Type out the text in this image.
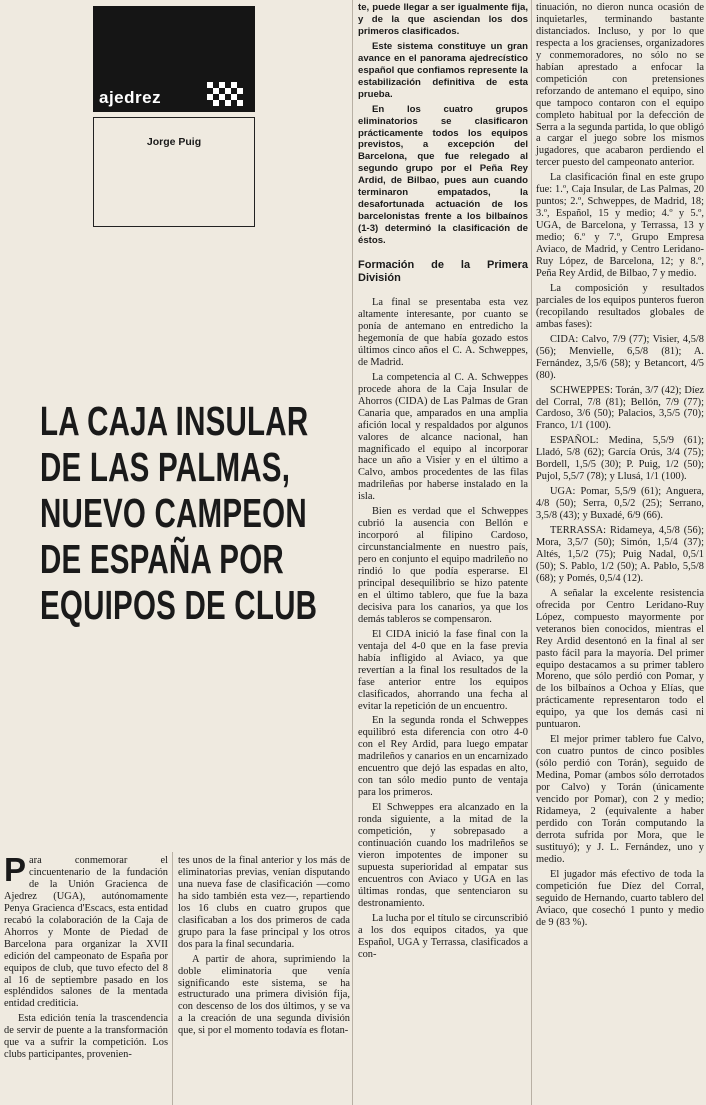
ajedrez
Jorge Puig
LA CAJA INSULAR
DE LAS PALMAS,
NUEVO CAMPEON
DE ESPAÑA POR
EQUIPOS DE CLUB

Para conmemorar el cincuentenario de la fundación de la Unión Gracienca de Ajedrez (UGA), autónomamente Penya Gracienca d'Escacs, esta entidad recabó la colaboración de la Caja de Ahorros y Monte de Piedad de Barcelona para organizar la XVII edición del campeonato de España por equipos de club, que tuvo efecto del 8 al 16 de septiembre pasado en los espléndidos salones de la mentada entidad crediticia.

Esta edición tenía la trascendencia de servir de puente a la transformación que va a sufrir la competición. Los clubs participantes, provenien-

tes unos de la final anterior y los más de eliminatorias previas, venían disputando una nueva fase de clasificación —como ha sido también esta vez—, repartiendo los 16 clubs en cuatro grupos que clasificaban a los dos primeros de cada grupo para la fase principal y los otros dos para la final secundaria.

A partir de ahora, suprimiendo la doble eliminatoria que venía significando este sistema, se ha estructurado una primera división fija, con descenso de los dos últimos, y se va a la creación de una segunda división que, si por el momento todavía es flotan-

te, puede llegar a ser igualmente fija, y de la que asciendan los dos primeros clasificados.

Este sistema constituye un gran avance en el panorama ajedrecístico español que confiamos represente la estabilización definitiva de esta prueba.

En los cuatro grupos eliminatorios se clasificaron prácticamente todos los equipos previstos, a excepción del Barcelona, que fue relegado al segundo grupo por el Peña Rey Ardid, de Bilbao, pues aun cuando terminaron empatados, la desafortunada actuación de los barcelonistas frente a los bilbaínos (1-3) determinó la clasificación de éstos.

Formación de la Primera División

La final se presentaba esta vez altamente interesante, por cuanto se ponía de antemano en entredicho la hegemonía de que había gozado estos últimos cinco años el C. A. Schweppes, de Madrid.

La competencia al C. A. Schweppes procede ahora de la Caja Insular de Ahorros (CIDA) de Las Palmas de Gran Canaria que, amparados en una amplia afición local y respaldados por algunos valores de alcance nacional, han magnificado el equipo al incorporar hace un año a Visier y en el último a Calvo, ambos procedentes de las filas madrileñas por haberse instalado en la isla.

Bien es verdad que el Schweppes cubrió la ausencia con Bellón e incorporó al filipino Cardoso, circunstancialmente en nuestro país, pero en conjunto el equipo madrileño no rindió lo que podía esperarse. El principal desequilibrio se hizo patente en el último tablero, que fue la baza decisiva para los canarios, ya que los demás tableros se compensaron.

El CIDA inició la fase final con la ventaja del 4-0 que en la fase previa había infligido al Aviaco, ya que revertían a la final los resultados de la fase anterior entre los equipos clasificados, ahorrando una fecha al evitar la repetición de un encuentro.

En la segunda ronda el Schweppes equilibró esta diferencia con otro 4-0 con el Rey Ardid, para luego empatar madrileños y canarios en un encarnizado encuentro que dejó las espadas en alto, con tan sólo medio punto de ventaja para los primeros.

El Schweppes era alcanzado en la ronda siguiente, a la mitad de la competición, y sobrepasado a continuación cuando los madrileños se vieron impotentes de imponer su supuesta superioridad al empatar sus encuentros con Aviaco y UGA en las últimas rondas, que sentenciaron su destronamiento.

La lucha por el título se circunscribió a los dos equipos citados, ya que Español, UGA y Terrassa, clasificados a con-

tinuación, no dieron nunca ocasión de inquietarles, terminando bastante distanciados. Incluso, y por lo que respecta a los gracienses, organizadores y conmemoradores, no sólo no se habían aprestado a enfocar la competición con pretensiones reforzando de antemano el equipo, sino que tampoco contaron con el equipo completo habitual por la defección de Serra a la segunda partida, lo que obligó a cargar el juego sobre los mismos jugadores, que acabaron perdiendo el tercer puesto del campeonato anterior.

La clasificación final en este grupo fue: 1.º, Caja Insular, de Las Palmas, 20 puntos; 2.º, Schweppes, de Madrid, 18; 3.º, Español, 15 y medio; 4.º y 5.º, UGA, de Barcelona, y Terrassa, 13 y medio; 6.º y 7.º, Grupo Empresa Aviaco, de Madrid, y Centro Leridano-Ruy López, de Barcelona, 12; y 8.º, Peña Rey Ardid, de Bilbao, 7 y medio.

La composición y resultados parciales de los equipos punteros fueron (recopilando resultados globales de ambas fases):

CIDA: Calvo, 7/9 (77); Visier, 4,5/8 (56); Menvielle, 6,5/8 (81); A. Fernández, 3,5/6 (58); y Betancort, 4/5 (80).

SCHWEPPES: Torán, 3/7 (42); Díez del Corral, 7/8 (81); Bellón, 7/9 (77); Cardoso, 3/6 (50); Palacios, 3,5/5 (70); Franco, 1/1 (100).

ESPAÑOL: Medina, 5,5/9 (61); Lladó, 5/8 (62); García Orús, 3/4 (75); Bordell, 1,5/5 (30); P. Puig, 1/2 (50); Pujol, 5,5/7 (78); y Llusá, 1/1 (100).

UGA: Pomar, 5,5/9 (61); Anguera, 4/8 (50); Serra, 0,5/2 (25); Serrano, 3,5/8 (43); y Buxadé, 6/9 (66).

TERRASSA: Ridameya, 4,5/8 (56); Mora, 3,5/7 (50); Simón, 1,5/4 (37); Altés, 1,5/2 (75); Puig Nadal, 0,5/1 (50); S. Pablo, 1/2 (50); A. Pablo, 5,5/8 (68); y Pomés, 0,5/4 (12).

A señalar la excelente resistencia ofrecida por Centro Leridano-Ruy López, compuesto mayormente por veteranos bien conocidos, mientras el Rey Ardid desentonó en la final al ser pasto fácil para la mayoría. Del primer equipo destacamos a su primer tablero Moreno, que sólo perdió con Pomar, y de los bilbaínos a Ochoa y Elías, que prácticamente representaron todo el equipo, ya que los demás casi ni puntuaron.

El mejor primer tablero fue Calvo, con cuatro puntos de cinco posibles (sólo perdió con Torán), seguido de Medina, Pomar (ambos sólo derrotados por Calvo) y Torán (únicamente vencido por Pomar), con 2 y medio; Ridameya, 2 (equivalente a haber perdido con Torán computando la derrota sufrida por Mora, que le sustituyó); y J. L. Fernández, uno y medio.

El jugador más efectivo de toda la competición fue Díez del Corral, seguido de Hernando, cuarto tablero del Aviaco, que cosechó 1 punto y medio de 9 (83 %).
